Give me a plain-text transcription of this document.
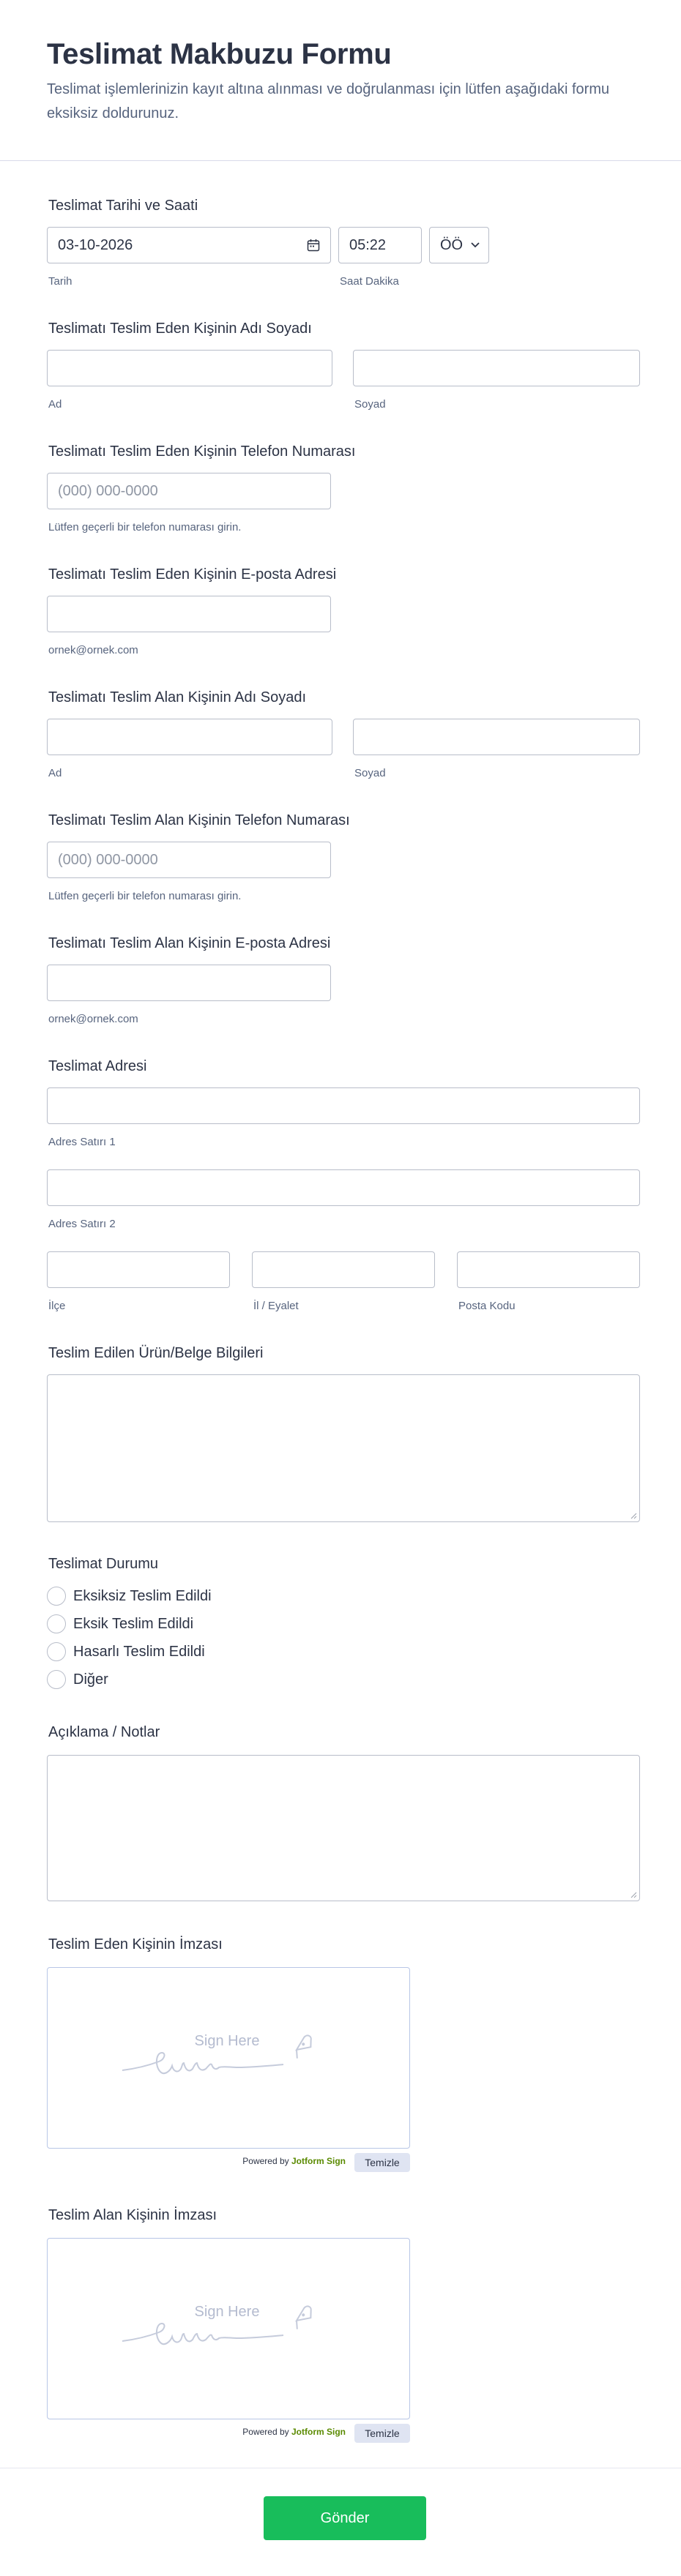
Teslimat Makbuzu Formu
Teslimat işlemlerinizin kayıt altına alınması ve doğrulanması için lütfen aşağıdaki formu eksiksiz doldurunuz.
Teslimat Tarihi ve Saati
03-10-2026
05:22
ÖÖ
Tarih	Saat Dakika
Teslimatı Teslim Eden Kişinin Adı Soyadı
Ad	Soyad
Teslimatı Teslim Eden Kişinin Telefon Numarası
(000) 000-0000
Lütfen geçerli bir telefon numarası girin.
Teslimatı Teslim Eden Kişinin E-posta Adresi
ornek@ornek.com
Teslimatı Teslim Alan Kişinin Adı Soyadı
Ad	Soyad
Teslimatı Teslim Alan Kişinin Telefon Numarası
(000) 000-0000
Lütfen geçerli bir telefon numarası girin.
Teslimatı Teslim Alan Kişinin E-posta Adresi
ornek@ornek.com
Teslimat Adresi
Adres Satırı 1
Adres Satırı 2
İlçe	İl / Eyalet	Posta Kodu
Teslim Edilen Ürün/Belge Bilgileri
Teslimat Durumu
Eksiksiz Teslim Edildi
Eksik Teslim Edildi
Hasarlı Teslim Edildi
Diğer
Açıklama / Notlar
Teslim Eden Kişinin İmzası
Sign Here
Powered by Jotform Sign	Temizle
Teslim Alan Kişinin İmzası
Sign Here
Powered by Jotform Sign	Temizle
Gönder
